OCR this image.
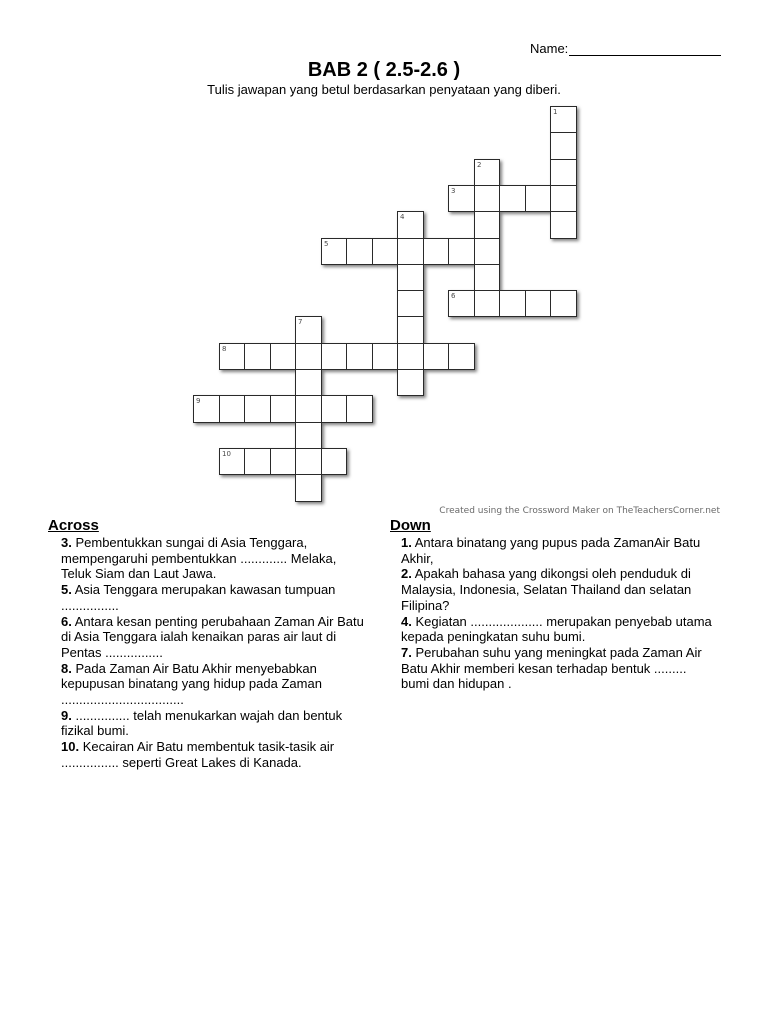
Name:
BAB 2 ( 2.5-2.6 )
Tulis jawapan yang betul berdasarkan penyataan yang diberi.
1
2
3
4
5
6
7
8
9
10
Created using the Crossword Maker on TheTeachersCorner.net
Across
3. Pembentukkan sungai di Asia Tenggara,
mempengaruhi pembentukkan ............. Melaka,
Teluk Siam dan Laut Jawa.
5. Asia Tenggara merupakan kawasan tumpuan
................
6. Antara kesan penting perubahaan Zaman Air Batu
di Asia Tenggara ialah kenaikan paras air laut di
Pentas ................
8. Pada Zaman Air Batu Akhir menyebabkan
kepupusan binatang yang hidup pada Zaman
..................................
9. ............... telah menukarkan wajah dan bentuk
fizikal bumi.
10. Kecairan Air Batu membentuk tasik-tasik air
................ seperti Great Lakes di Kanada.
Down
1. Antara binatang yang pupus pada ZamanAir Batu
Akhir,
2. Apakah bahasa yang dikongsi oleh penduduk di
Malaysia, Indonesia, Selatan Thailand dan selatan
Filipina?
4. Kegiatan .................... merupakan penyebab utama
kepada peningkatan suhu bumi.
7. Perubahan suhu yang meningkat pada Zaman Air
Batu Akhir memberi kesan terhadap bentuk .........
bumi dan hidupan .
